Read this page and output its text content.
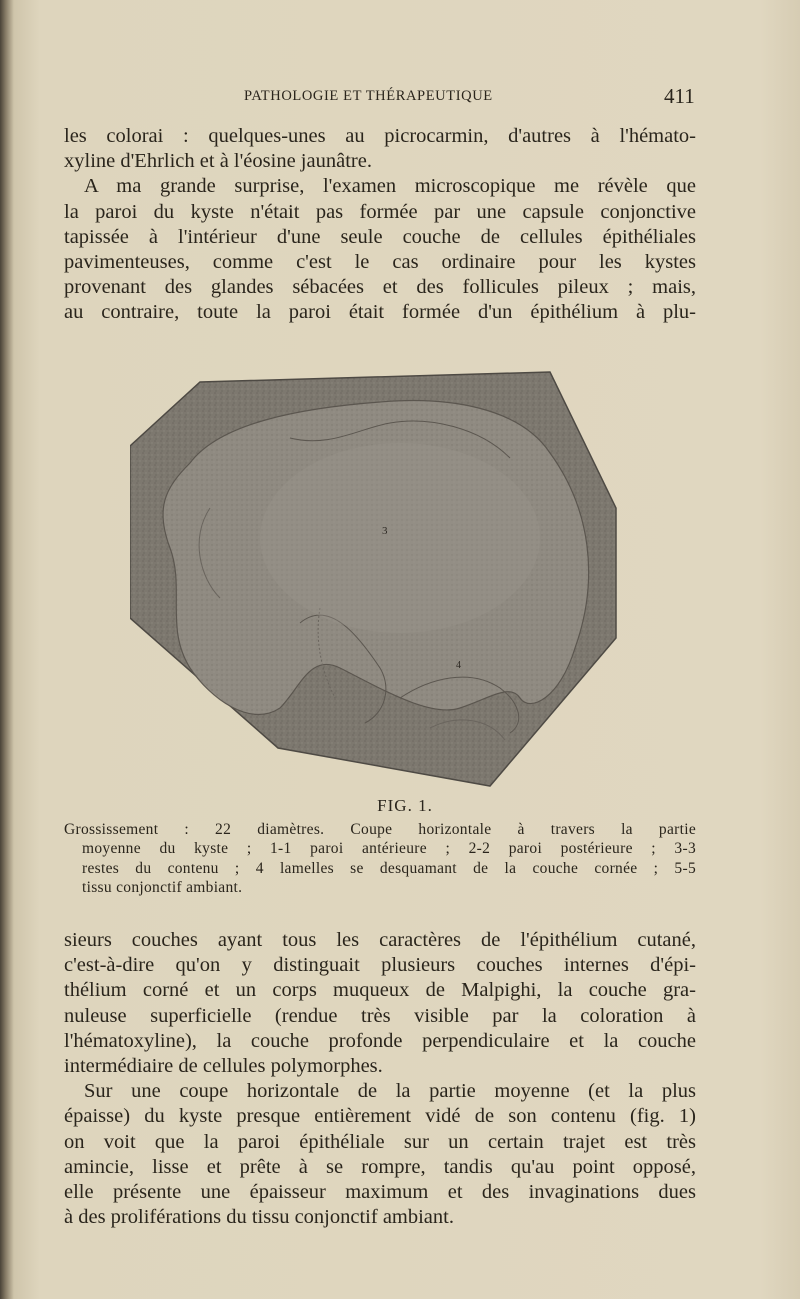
PATHOLOGIE ET THÉRAPEUTIQUE	411
les colorai : quelques-unes au picrocarmin, d'autres à l'hémato-
xyline d'Ehrlich et à l'éosine jaunâtre.
A ma grande surprise, l'examen microscopique me révèle que
la paroi du kyste n'était pas formée par une capsule conjonctive
tapissée à l'intérieur d'une seule couche de cellules épithéliales
pavimenteuses, comme c'est le cas ordinaire pour les kystes
provenant des glandes sébacées et des follicules pileux ; mais,
au contraire, toute la paroi était formée d'un épithélium à plu-
3
4
FIG. 1.
Grossissement : 22 diamètres. Coupe horizontale à travers la partie
moyenne du kyste ; 1-1 paroi antérieure ; 2-2 paroi postérieure ; 3-3
restes du contenu ; 4 lamelles se desquamant de la couche cornée ; 5-5
tissu conjonctif ambiant.
sieurs couches ayant tous les caractères de l'épithélium cutané,
c'est-à-dire qu'on y distinguait plusieurs couches internes d'épi-
thélium corné et un corps muqueux de Malpighi, la couche gra-
nuleuse superficielle (rendue très visible par la coloration à
l'hématoxyline), la couche profonde perpendiculaire et la couche
intermédiaire de cellules polymorphes.
Sur une coupe horizontale de la partie moyenne (et la plus
épaisse) du kyste presque entièrement vidé de son contenu (fig. 1)
on voit que la paroi épithéliale sur un certain trajet est très
amincie, lisse et prête à se rompre, tandis qu'au point opposé,
elle présente une épaisseur maximum et des invaginations dues
à des proliférations du tissu conjonctif ambiant.
